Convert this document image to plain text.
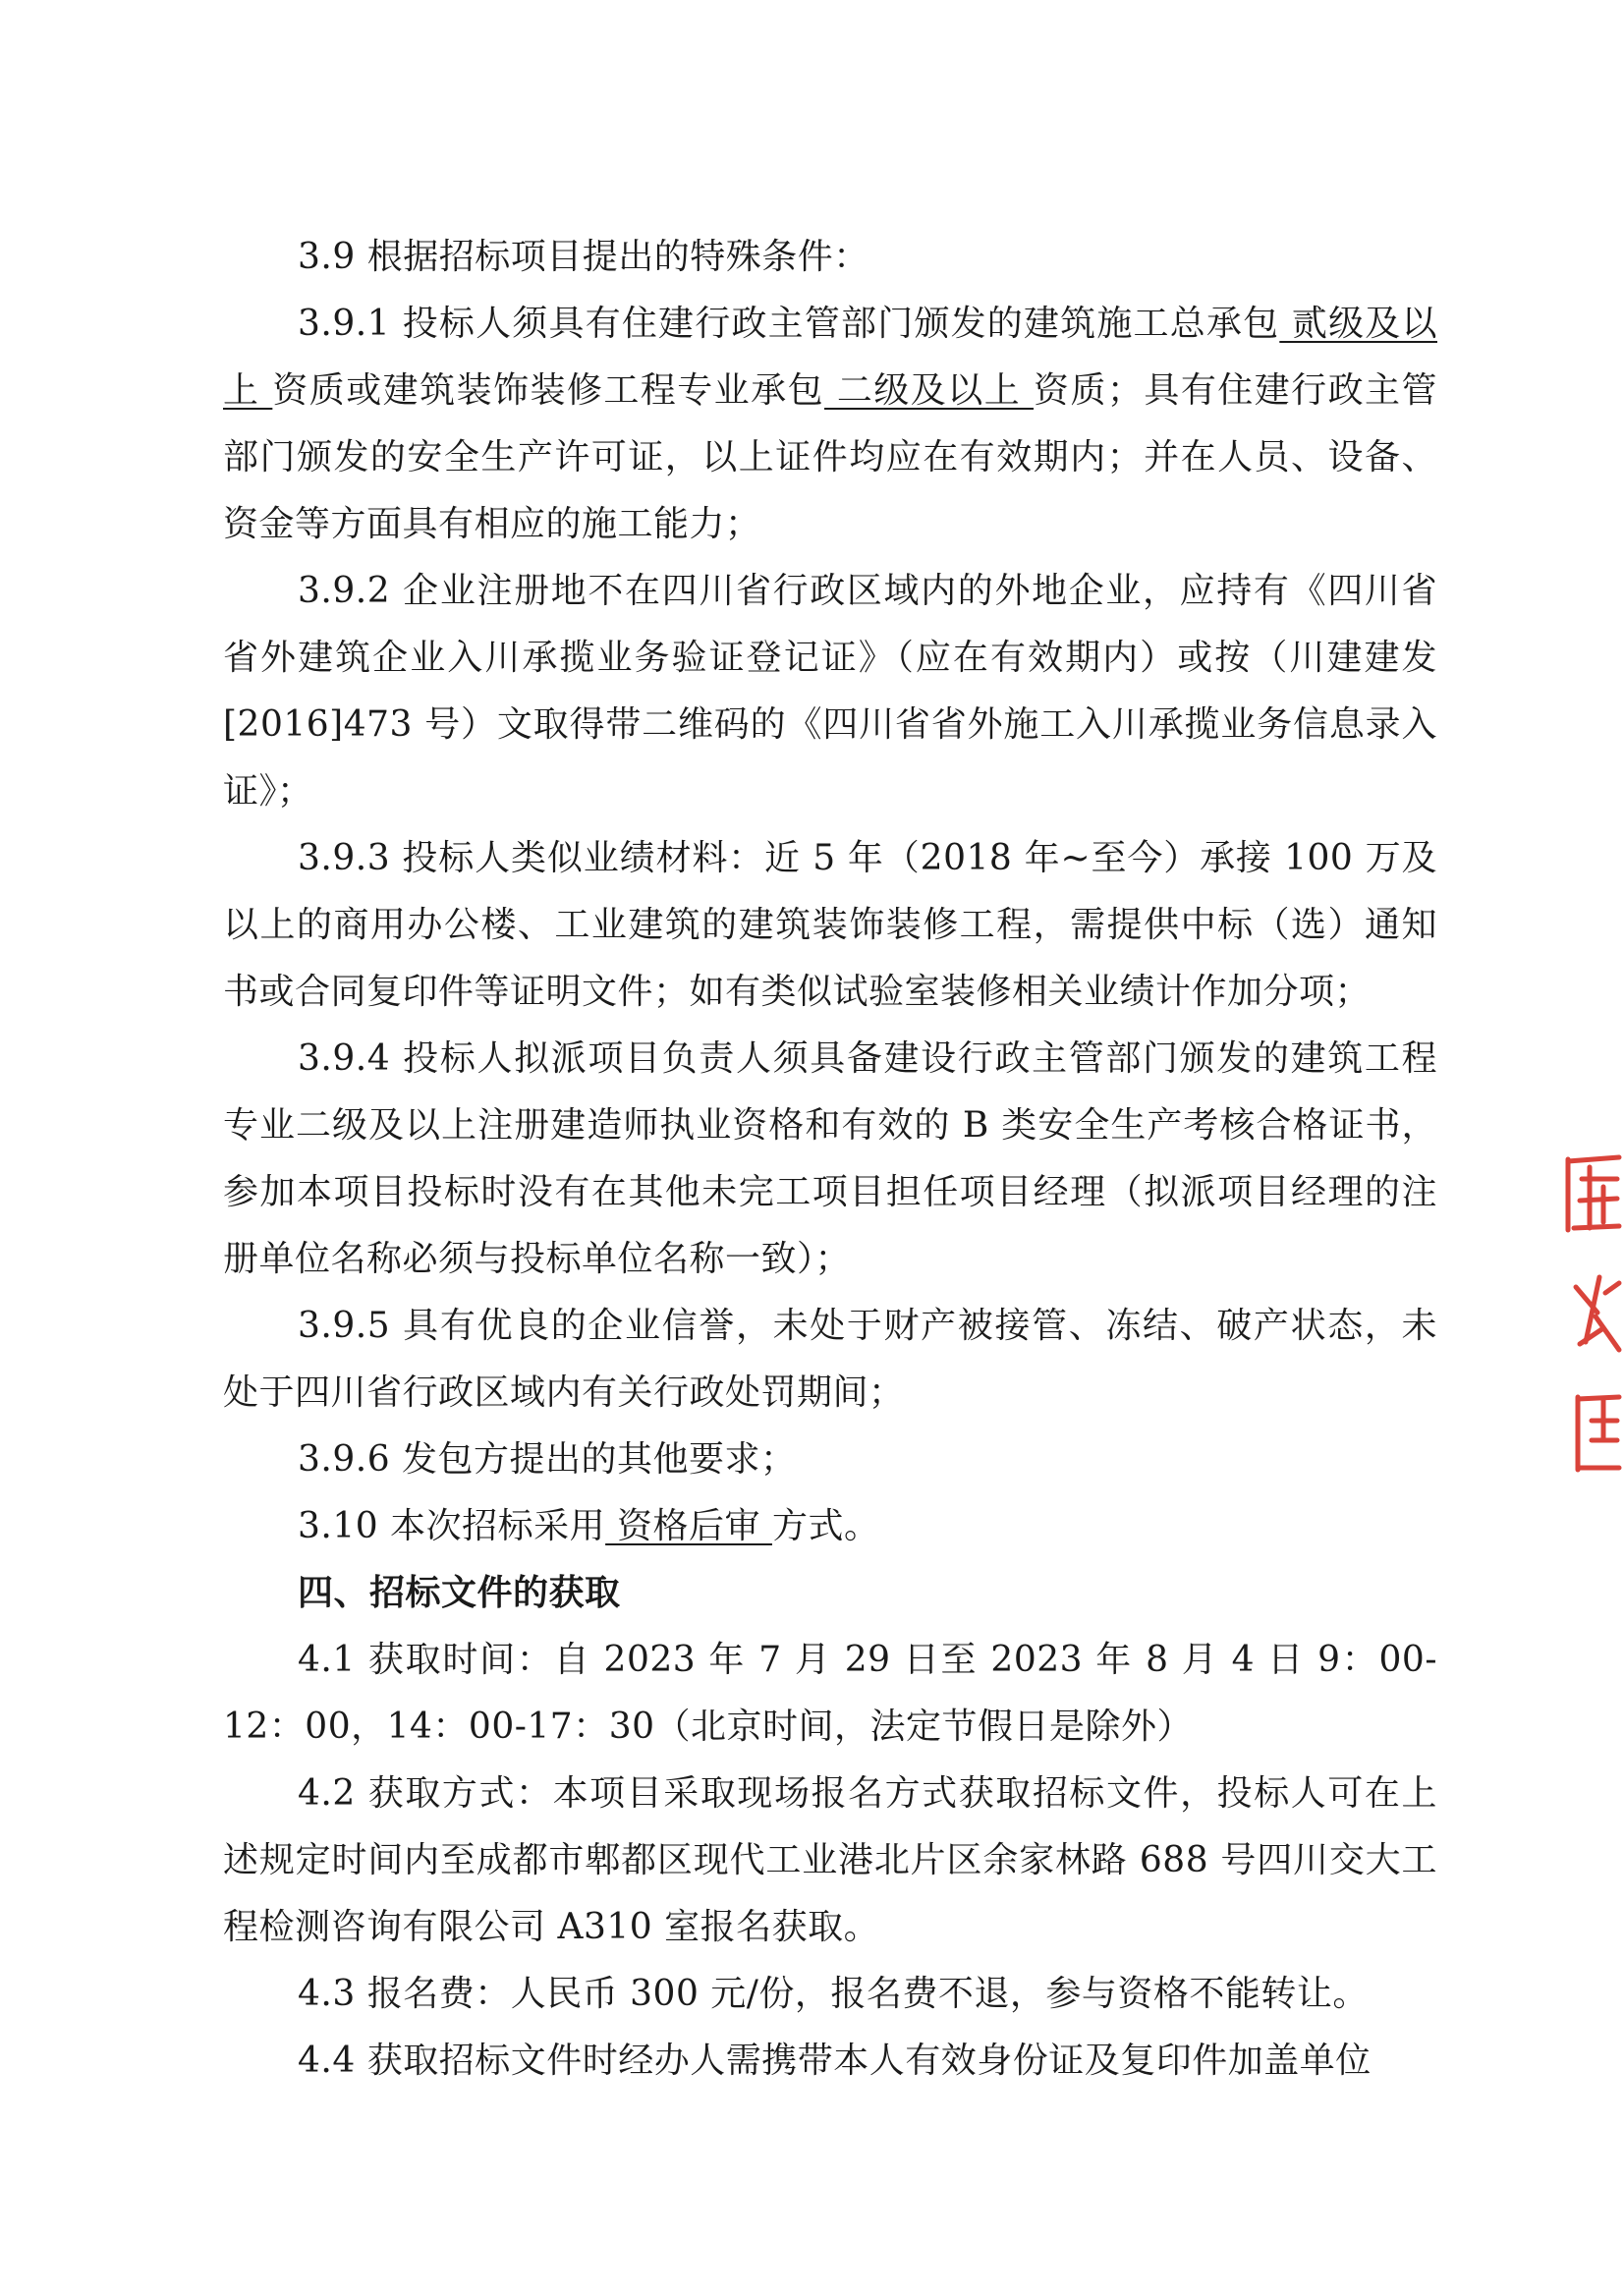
3.9 根据招标项目提出的特殊条件：

3.9.1 投标人须具有住建行政主管部门颁发的建筑施工总承包 贰级及以上 资质或建筑装饰装修工程专业承包 二级及以上 资质；具有住建行政主管部门颁发的安全生产许可证，以上证件均应在有效期内；并在人员、设备、资金等方面具有相应的施工能力；

3.9.2 企业注册地不在四川省行政区域内的外地企业，应持有《四川省省外建筑企业入川承揽业务验证登记证》（应在有效期内）或按（川建建发[2016]473 号）文取得带二维码的《四川省省外施工入川承揽业务信息录入证》；

3.9.3 投标人类似业绩材料：近 5 年（2018 年~至今）承接 100 万及以上的商用办公楼、工业建筑的建筑装饰装修工程，需提供中标（选）通知书或合同复印件等证明文件；如有类似试验室装修相关业绩计作加分项；

3.9.4 投标人拟派项目负责人须具备建设行政主管部门颁发的建筑工程专业二级及以上注册建造师执业资格和有效的 B 类安全生产考核合格证书，参加本项目投标时没有在其他未完工项目担任项目经理（拟派项目经理的注册单位名称必须与投标单位名称一致）；

3.9.5 具有优良的企业信誉，未处于财产被接管、冻结、破产状态，未处于四川省行政区域内有关行政处罚期间；

3.9.6 发包方提出的其他要求；

3.10 本次招标采用 资格后审 方式。

四、招标文件的获取

4.1 获取时间：自 2023 年 7 月 29 日至 2023 年 8 月 4 日 9：00-12：00，14：00-17：30（北京时间，法定节假日是除外）

4.2 获取方式：本项目采取现场报名方式获取招标文件，投标人可在上述规定时间内至成都市郫都区现代工业港北片区余家林路 688 号四川交大工程检测咨询有限公司 A310 室报名获取。

4.3 报名费：人民币 300 元/份，报名费不退，参与资格不能转让。

4.4 获取招标文件时经办人需携带本人有效身份证及复印件加盖单位
